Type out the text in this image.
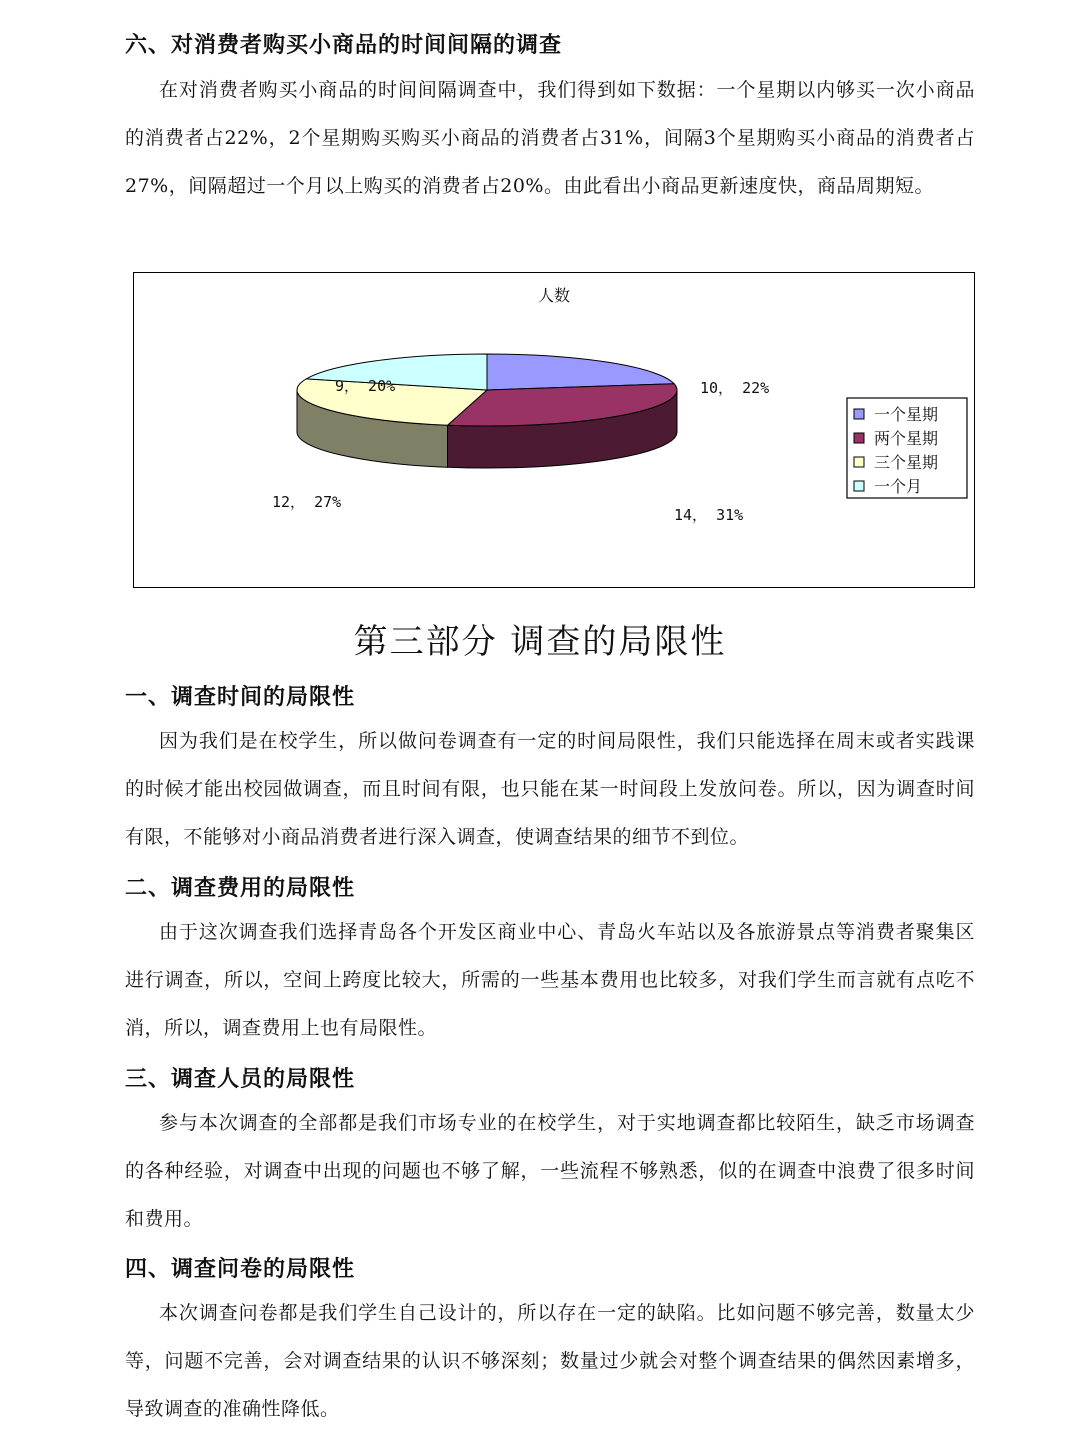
六、对消费者购买小商品的时间间隔的调查
在对消费者购买小商品的时间间隔调查中，我们得到如下数据：一个星期以内够买一次小商品的消费者占22%，2个星期购买购买小商品的消费者占31%，间隔3个星期购买小商品的消费者占27%，间隔超过一个月以上购买的消费者占20%。由此看出小商品更新速度快，商品周期短。
人数
10， 22%
14， 31%
12， 27%
9， 20%
一个星期
两个星期
三个星期
一个月
第三部分 调查的局限性
一、调查时间的局限性
因为我们是在校学生，所以做问卷调查有一定的时间局限性，我们只能选择在周末或者实践课的时候才能出校园做调查，而且时间有限，也只能在某一时间段上发放问卷。所以，因为调查时间有限，不能够对小商品消费者进行深入调查，使调查结果的细节不到位。
二、调查费用的局限性
由于这次调查我们选择青岛各个开发区商业中心、青岛火车站以及各旅游景点等消费者聚集区进行调查，所以，空间上跨度比较大，所需的一些基本费用也比较多，对我们学生而言就有点吃不消，所以，调查费用上也有局限性。
三、调查人员的局限性
参与本次调查的全部都是我们市场专业的在校学生，对于实地调查都比较陌生，缺乏市场调查的各种经验，对调查中出现的问题也不够了解，一些流程不够熟悉，似的在调查中浪费了很多时间和费用。
四、调查问卷的局限性
本次调查问卷都是我们学生自己设计的，所以存在一定的缺陷。比如问题不够完善，数量太少等，问题不完善，会对调查结果的认识不够深刻；数量过少就会对整个调查结果的偶然因素增多，导致调查的准确性降低。
